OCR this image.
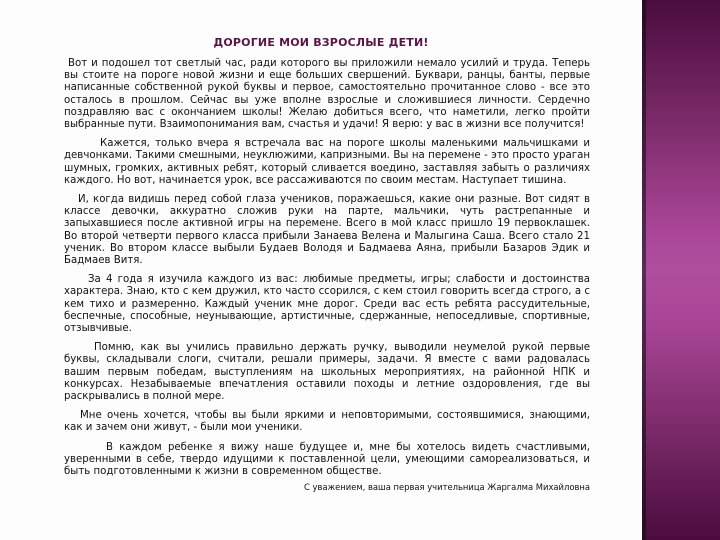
ДОРОГИЕ МОИ ВЗРОСЛЫЕ ДЕТИ!

Вот и подошел тот светлый час, ради которого вы приложили немало усилий и труда. Теперь вы стоите на пороге новой жизни и еще больших свершений. Буквари, ранцы, банты, первые написанные собственной рукой буквы и первое, самостоятельно прочитанное слово - все это осталось в прошлом. Сейчас вы уже вполне взрослые и сложившиеся личности. Сердечно поздравляю вас с окончанием школы! Желаю добиться всего, что наметили, легко пройти выбранные пути. Взаимопонимания вам, счастья и удачи! Я верю: у вас в жизни все получится!

Кажется, только вчера я встречала вас на пороге школы маленькими мальчишками и девчонками. Такими смешными, неуклюжими, капризными. Вы на перемене - это просто ураган шумных, громких, активных ребят, который сливается воедино, заставляя забыть о различиях каждого. Но вот, начинается урок, все рассаживаются по своим местам. Наступает тишина.

И, когда видишь перед собой глаза учеников, поражаешься, какие они разные. Вот сидят в классе девочки, аккуратно сложив руки на парте, мальчики, чуть растрепанные и запыхавшиеся после активной игры на перемене. Всего в мой класс пришло 19 первоклашек. Во второй четверти первого класса прибыли Занаева Велена и Малыгина Саша. Всего стало 21 ученик. Во втором классе выбыли Будаев Володя и Бадмаева Аяна, прибыли Базаров Эдик и Бадмаев Витя.

За 4 года я изучила каждого из вас: любимые предметы, игры; слабости и достоинства характера. Знаю, кто с кем дружил, кто часто ссорился, с кем стоил говорить всегда строго, а с кем тихо и размеренно. Каждый ученик мне дорог. Среди вас есть ребята рассудительные, беспечные, способные, неунывающие, артистичные, сдержанные, непоседливые, спортивные, отзывчивые.

Помню, как вы учились правильно держать ручку, выводили неумелой рукой первые буквы, складывали слоги, считали, решали примеры, задачи. Я вместе с вами радовалась вашим первым победам, выступлениям на школьных мероприятиях, на районной НПК и конкурсах. Незабываемые впечатления оставили походы и летние оздоровления, где вы раскрывались в полной мере.

Мне очень хочется, чтобы вы были яркими и неповторимыми, состоявшимися, знающими, как и зачем они живут, - были мои ученики.

В каждом ребенке я вижу наше будущее и, мне бы хотелось видеть счастливыми, уверенными в себе, твердо идущими к поставленной цели, умеющими самореализоваться, и быть подготовленными к жизни в современном обществе.

С уважением, ваша первая учительница Жаргалма Михайловна
